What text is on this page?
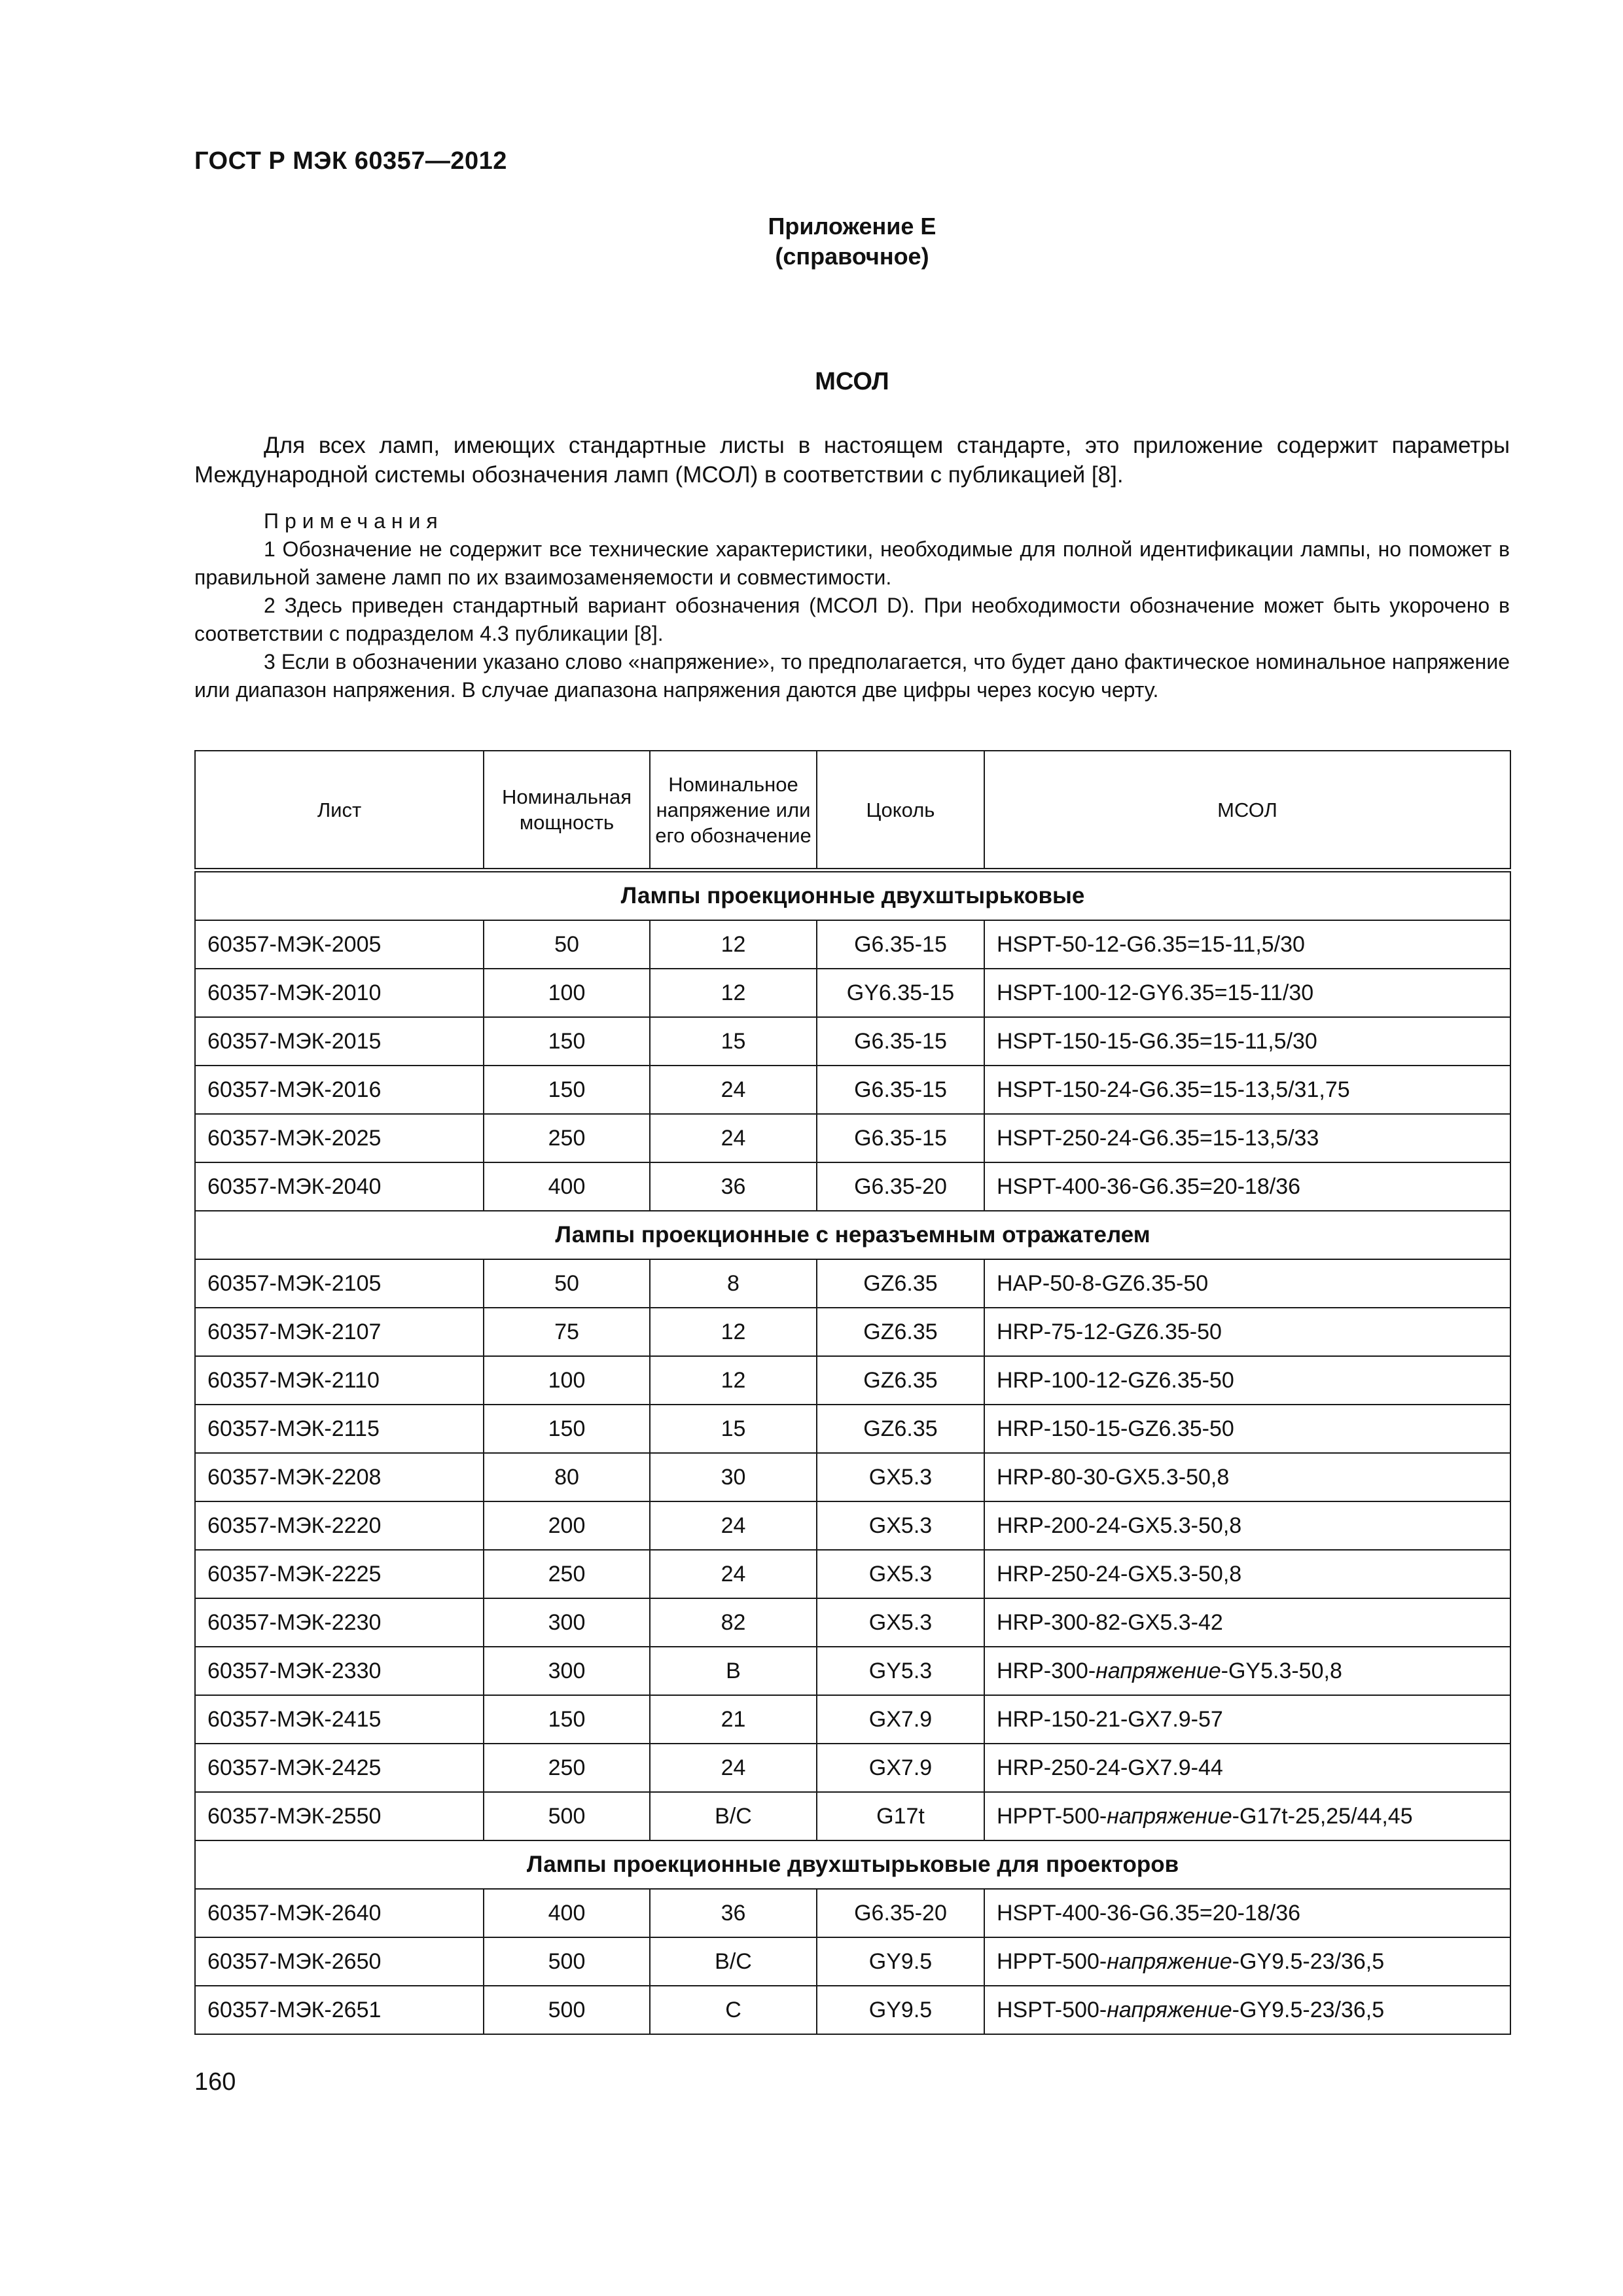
ГОСТ Р МЭК 60357—2012
Приложение Е
(справочное)
МСОЛ
Для всех ламп, имеющих стандартные листы в настоящем стандарте, это приложение содержит параметры Международной системы обозначения ламп (МСОЛ) в соответствии с публикацией [8].

Примечания

1 Обозначение не содержит все технические характеристики, необходимые для полной идентификации лампы, но поможет в правильной замене ламп по их взаимозаменяемости и совместимости.

2 Здесь приведен стандартный вариант обозначения (МСОЛ D). При необходимости обозначение может быть укорочено в соответствии с подразделом 4.3 публикации [8].

3 Если в обозначении указано слово «напряжение», то предполагается, что будет дано фактическое номинальное напряжение или диапазон напряжения. В случае диапазона напряжения даются две цифры через косую черту.

Лист	Номинальная мощность	Номинальное напряжение или его обозначение	Цоколь	МСОЛ
Лампы проекционные двухштырьковые				
60357-МЭК-2005	50	12	G6.35-15	HSPT-50-12-G6.35=15-11,5/30
60357-МЭК-2010	100	12	GY6.35-15	HSPT-100-12-GY6.35=15-11/30
60357-МЭК-2015	150	15	G6.35-15	HSPT-150-15-G6.35=15-11,5/30
60357-МЭК-2016	150	24	G6.35-15	HSPT-150-24-G6.35=15-13,5/31,75
60357-МЭК-2025	250	24	G6.35-15	HSPT-250-24-G6.35=15-13,5/33
60357-МЭК-2040	400	36	G6.35-20	HSPT-400-36-G6.35=20-18/36
Лампы проекционные с неразъемным отражателем				
60357-МЭК-2105	50	8	GZ6.35	HAP-50-8-GZ6.35-50
60357-МЭК-2107	75	12	GZ6.35	HRP-75-12-GZ6.35-50
60357-МЭК-2110	100	12	GZ6.35	HRP-100-12-GZ6.35-50
60357-МЭК-2115	150	15	GZ6.35	HRP-150-15-GZ6.35-50
60357-МЭК-2208	80	30	GX5.3	HRP-80-30-GX5.3-50,8
60357-МЭК-2220	200	24	GX5.3	HRP-200-24-GX5.3-50,8
60357-МЭК-2225	250	24	GX5.3	HRP-250-24-GX5.3-50,8
60357-МЭК-2230	300	82	GX5.3	HRP-300-82-GX5.3-42
60357-МЭК-2330	300	B	GY5.3	HRP-300-напряжение-GY5.3-50,8
60357-МЭК-2415	150	21	GX7.9	HRP-150-21-GX7.9-57
60357-МЭК-2425	250	24	GX7.9	HRP-250-24-GX7.9-44
60357-МЭК-2550	500	B/C	G17t	HPPT-500-напряжение-G17t-25,25/44,45
Лампы проекционные двухштырьковые для проекторов				
60357-МЭК-2640	400	36	G6.35-20	HSPT-400-36-G6.35=20-18/36
60357-МЭК-2650	500	B/C	GY9.5	HPPT-500-напряжение-GY9.5-23/36,5
60357-МЭК-2651	500	C	GY9.5	HSPT-500-напряжение-GY9.5-23/36,5
160
